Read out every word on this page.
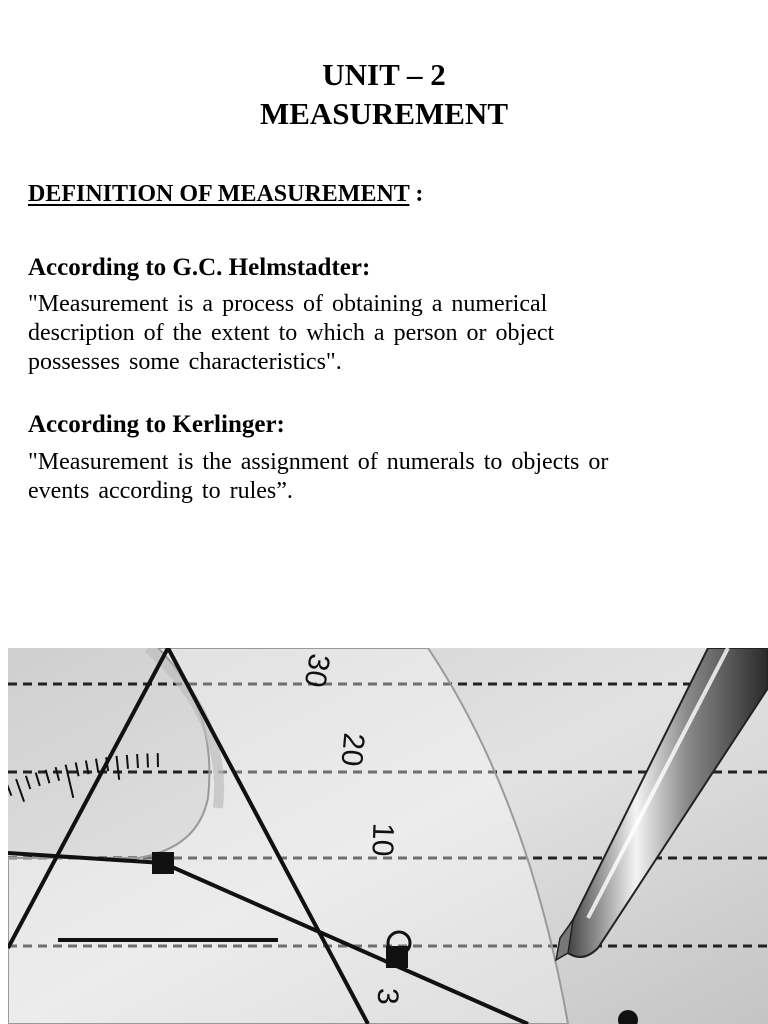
UNIT – 2
MEASUREMENT
DEFINITION OF MEASUREMENT :
According to G.C. Helmstadter:
"Measurement is a process of obtaining a numerical
description of the extent to which a person or object
possesses some characteristics".
According to Kerlinger:
"Measurement is the assignment of numerals to objects or
events according to rules”.
30
20
10
3
